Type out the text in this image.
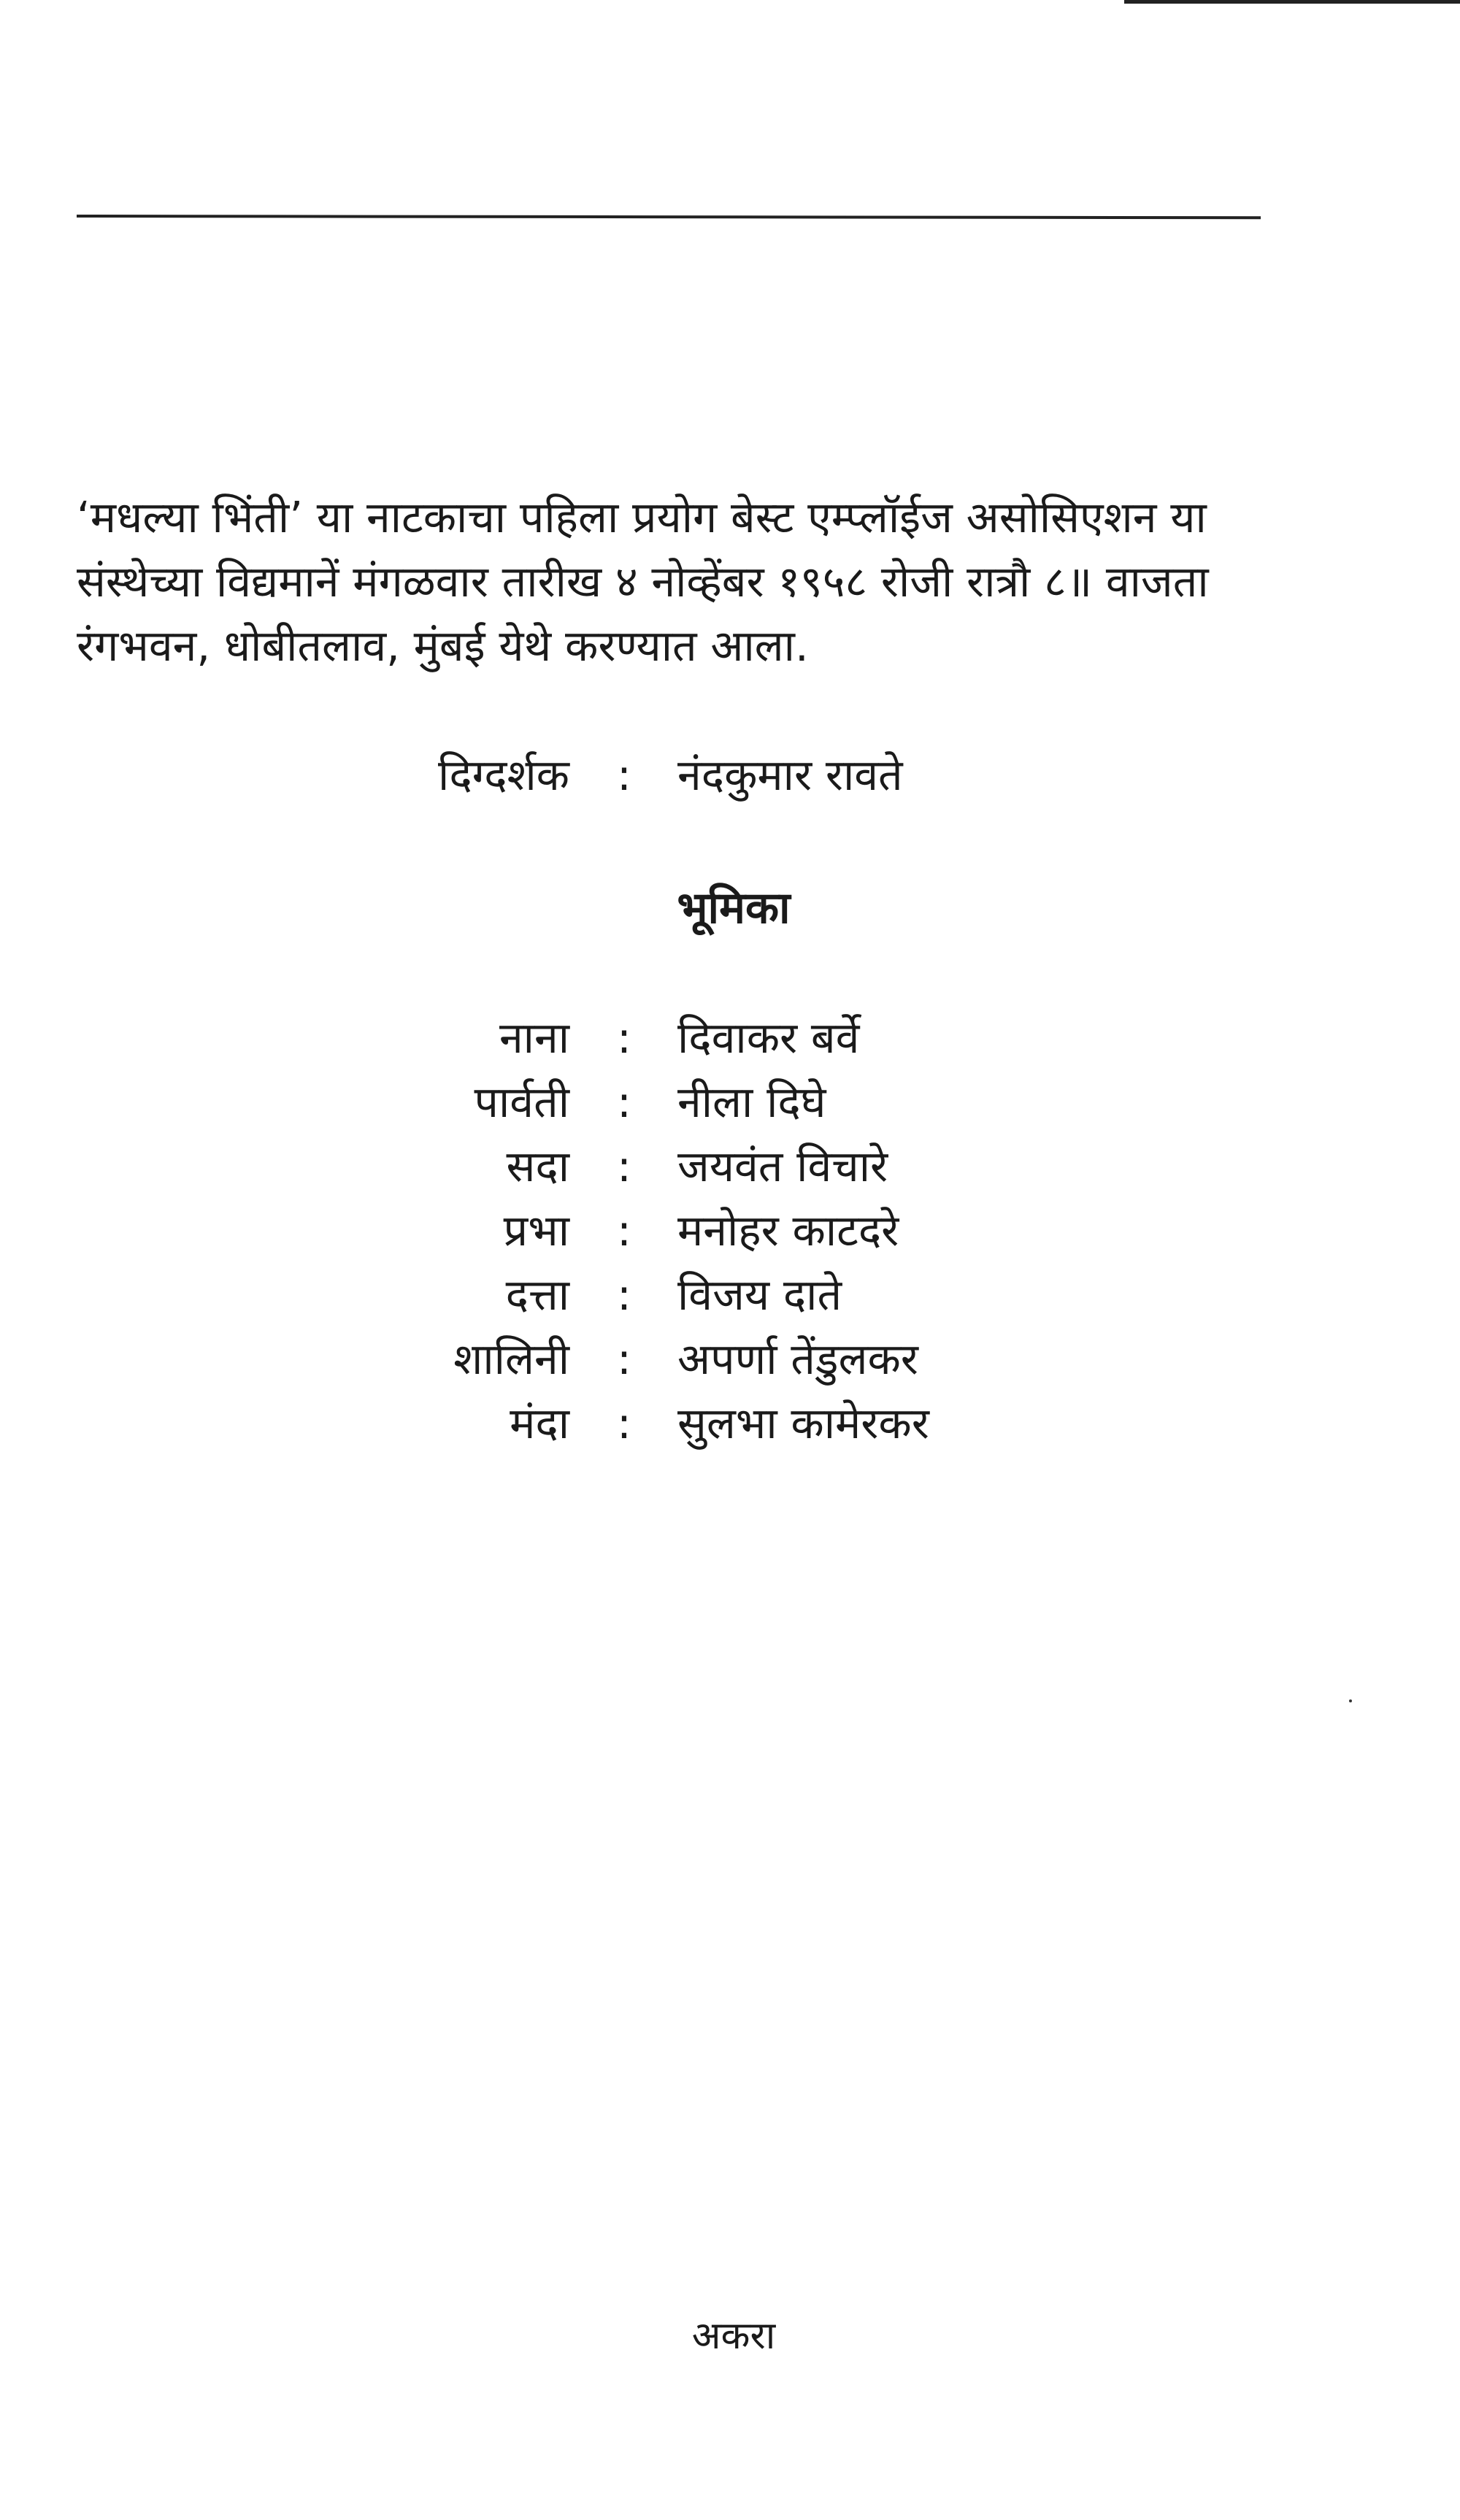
‘मधल्या भिंती’ या नाटकाचा पहिला प्रयोग बेस्ट एम्प्लॉईज असोसिएशन या
संस्थेच्या विद्यमानें मंगळवार तारीख ४ नोव्हेंबर १९५८ रोजी रात्रौ ८॥ वाजता
रंगभवन, धोबीतलाव, मुंबई येथे करण्यात आला.

दिग्दर्शक : नंदकुमार रावते
भूमिका
नाना : दिवाकर बर्वे
पार्वती : नीला दिघे
सदा : जयवंत विचारे
प्रभा : मनोहर काटदरे
दत्ता : विजय दाते
शालिनी : अपर्णा तेंडुलकर
मंदा : सुलभा कामेरकर
अकरा
